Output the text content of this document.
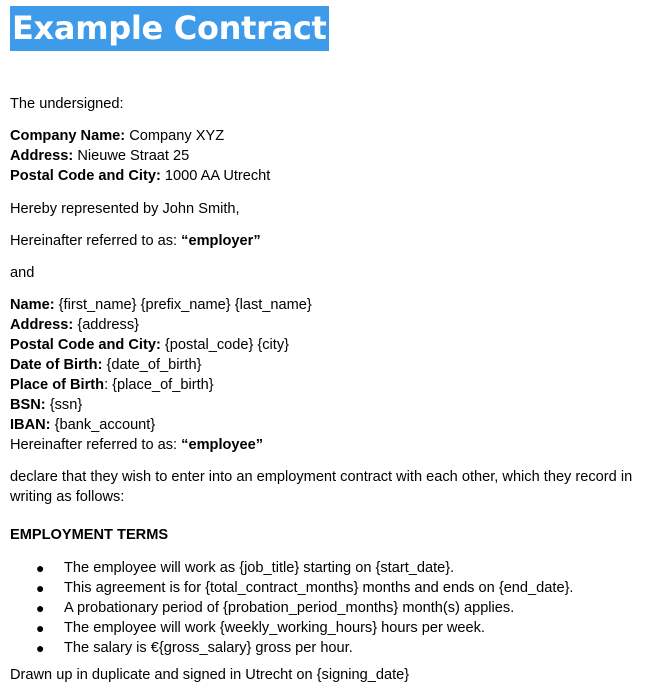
Example Contract
The undersigned:
Company Name: Company XYZ
Address: Nieuwe Straat 25
Postal Code and City: 1000 AA Utrecht
Hereby represented by John Smith,
Hereinafter referred to as: “employer”
and
Name: {first_name} {prefix_name} {last_name}
Address: {address}
Postal Code and City: {postal_code} {city}
Date of Birth: {date_of_birth}
Place of Birth: {place_of_birth}
BSN: {ssn}
IBAN: {bank_account}
Hereinafter referred to as: “employee”
declare that they wish to enter into an employment contract with each other, which they record in writing as follows:
EMPLOYMENT TERMS
● The employee will work as {job_title} starting on {start_date}.
● This agreement is for {total_contract_months} months and ends on {end_date}.
● A probationary period of {probation_period_months} month(s) applies.
● The employee will work {weekly_working_hours} hours per week.
● The salary is €{gross_salary} gross per hour.
Drawn up in duplicate and signed in Utrecht on {signing_date}
